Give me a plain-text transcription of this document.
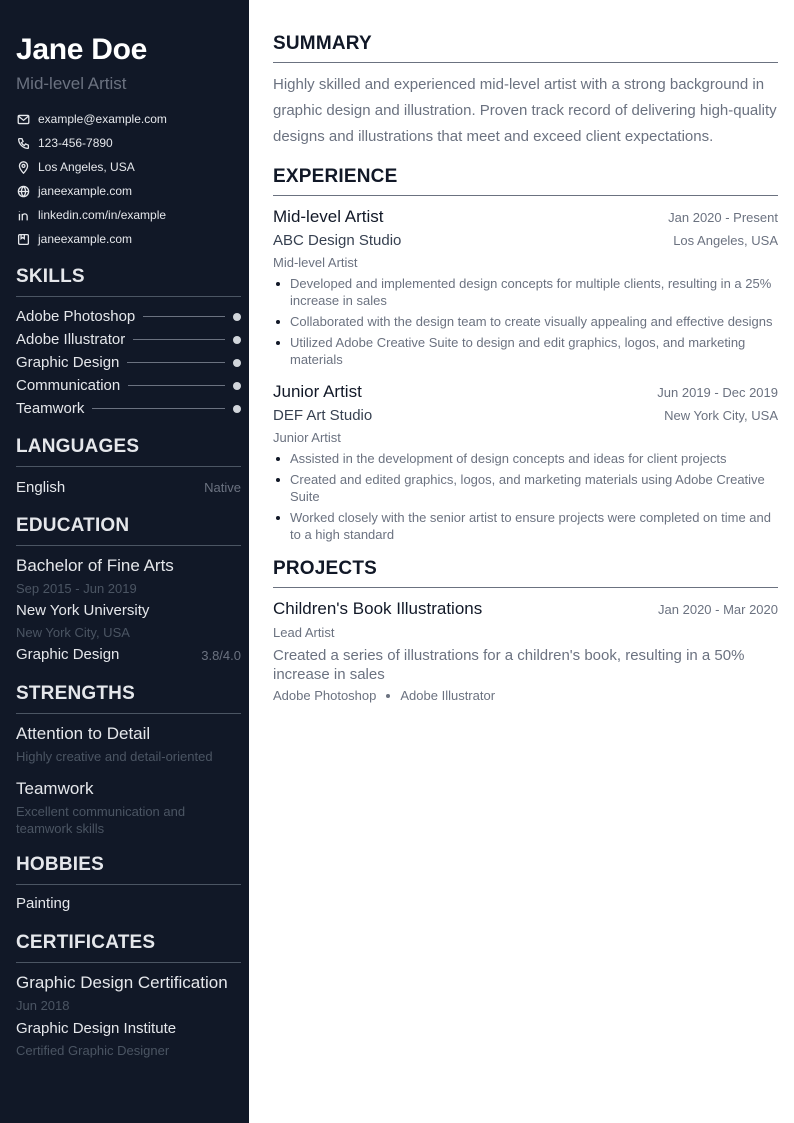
Jane Doe
Mid-level Artist
example@example.com
123-456-7890
Los Angeles, USA
janeexample.com
linkedin.com/in/example
janeexample.com
SKILLS
Adobe Photoshop
Adobe Illustrator
Graphic Design
Communication
Teamwork
LANGUAGES
English	Native
EDUCATION
Bachelor of Fine Arts
Sep 2015 - Jun 2019
New York University
New York City, USA
Graphic Design	3.8/4.0
STRENGTHS
Attention to Detail
Highly creative and detail-oriented
Teamwork
Excellent communication and teamwork skills
HOBBIES
Painting
CERTIFICATES
Graphic Design Certification
Jun 2018
Graphic Design Institute
Certified Graphic Designer
SUMMARY

Highly skilled and experienced mid-level artist with a strong background in graphic design and illustration. Proven track record of delivering high-quality designs and illustrations that meet and exceed client expectations.

EXPERIENCE
Mid-level Artist	Jan 2020 - Present
ABC Design Studio	Los Angeles, USA
Mid-level Artist
Developed and implemented design concepts for multiple clients, resulting in a 25% increase in sales
Collaborated with the design team to create visually appealing and effective designs
Utilized Adobe Creative Suite to design and edit graphics, logos, and marketing materials
Junior Artist	Jun 2019 - Dec 2019
DEF Art Studio	New York City, USA
Junior Artist
Assisted in the development of design concepts and ideas for client projects
Created and edited graphics, logos, and marketing materials using Adobe Creative Suite
Worked closely with the senior artist to ensure projects were completed on time and to a high standard
PROJECTS
Children's Book Illustrations	Jan 2020 - Mar 2020
Lead Artist
Created a series of illustrations for a children's book, resulting in a 50% increase in sales
Adobe Photoshop Adobe Illustrator
